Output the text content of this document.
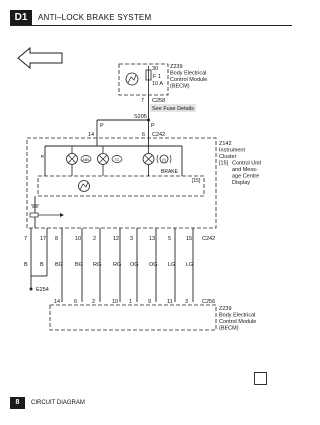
D1	ANTI–LOCK BRAKE SYSTEM
30
F 1
10 A
Z239
Body Electrical
Control Module
(BECM)
7 C258
See Fuse Details
S205
P	P
14	6 C242
Z142
Instrument
Cluster
[15] Control Unit
and Mess-
age Centre
Display
R
ABS	TC	(!)
BRAKE
[15]
E254
7
B
17
B
8
BG
10
BG
2
RG
12
RG
3
OG
13
OG
5
LG
15
LG
14	6	2	10 1	9	11 3
C242
C256
Z239
Body Electrical
Control Module
(BECM)
8	CIRCUIT DIAGRAM
